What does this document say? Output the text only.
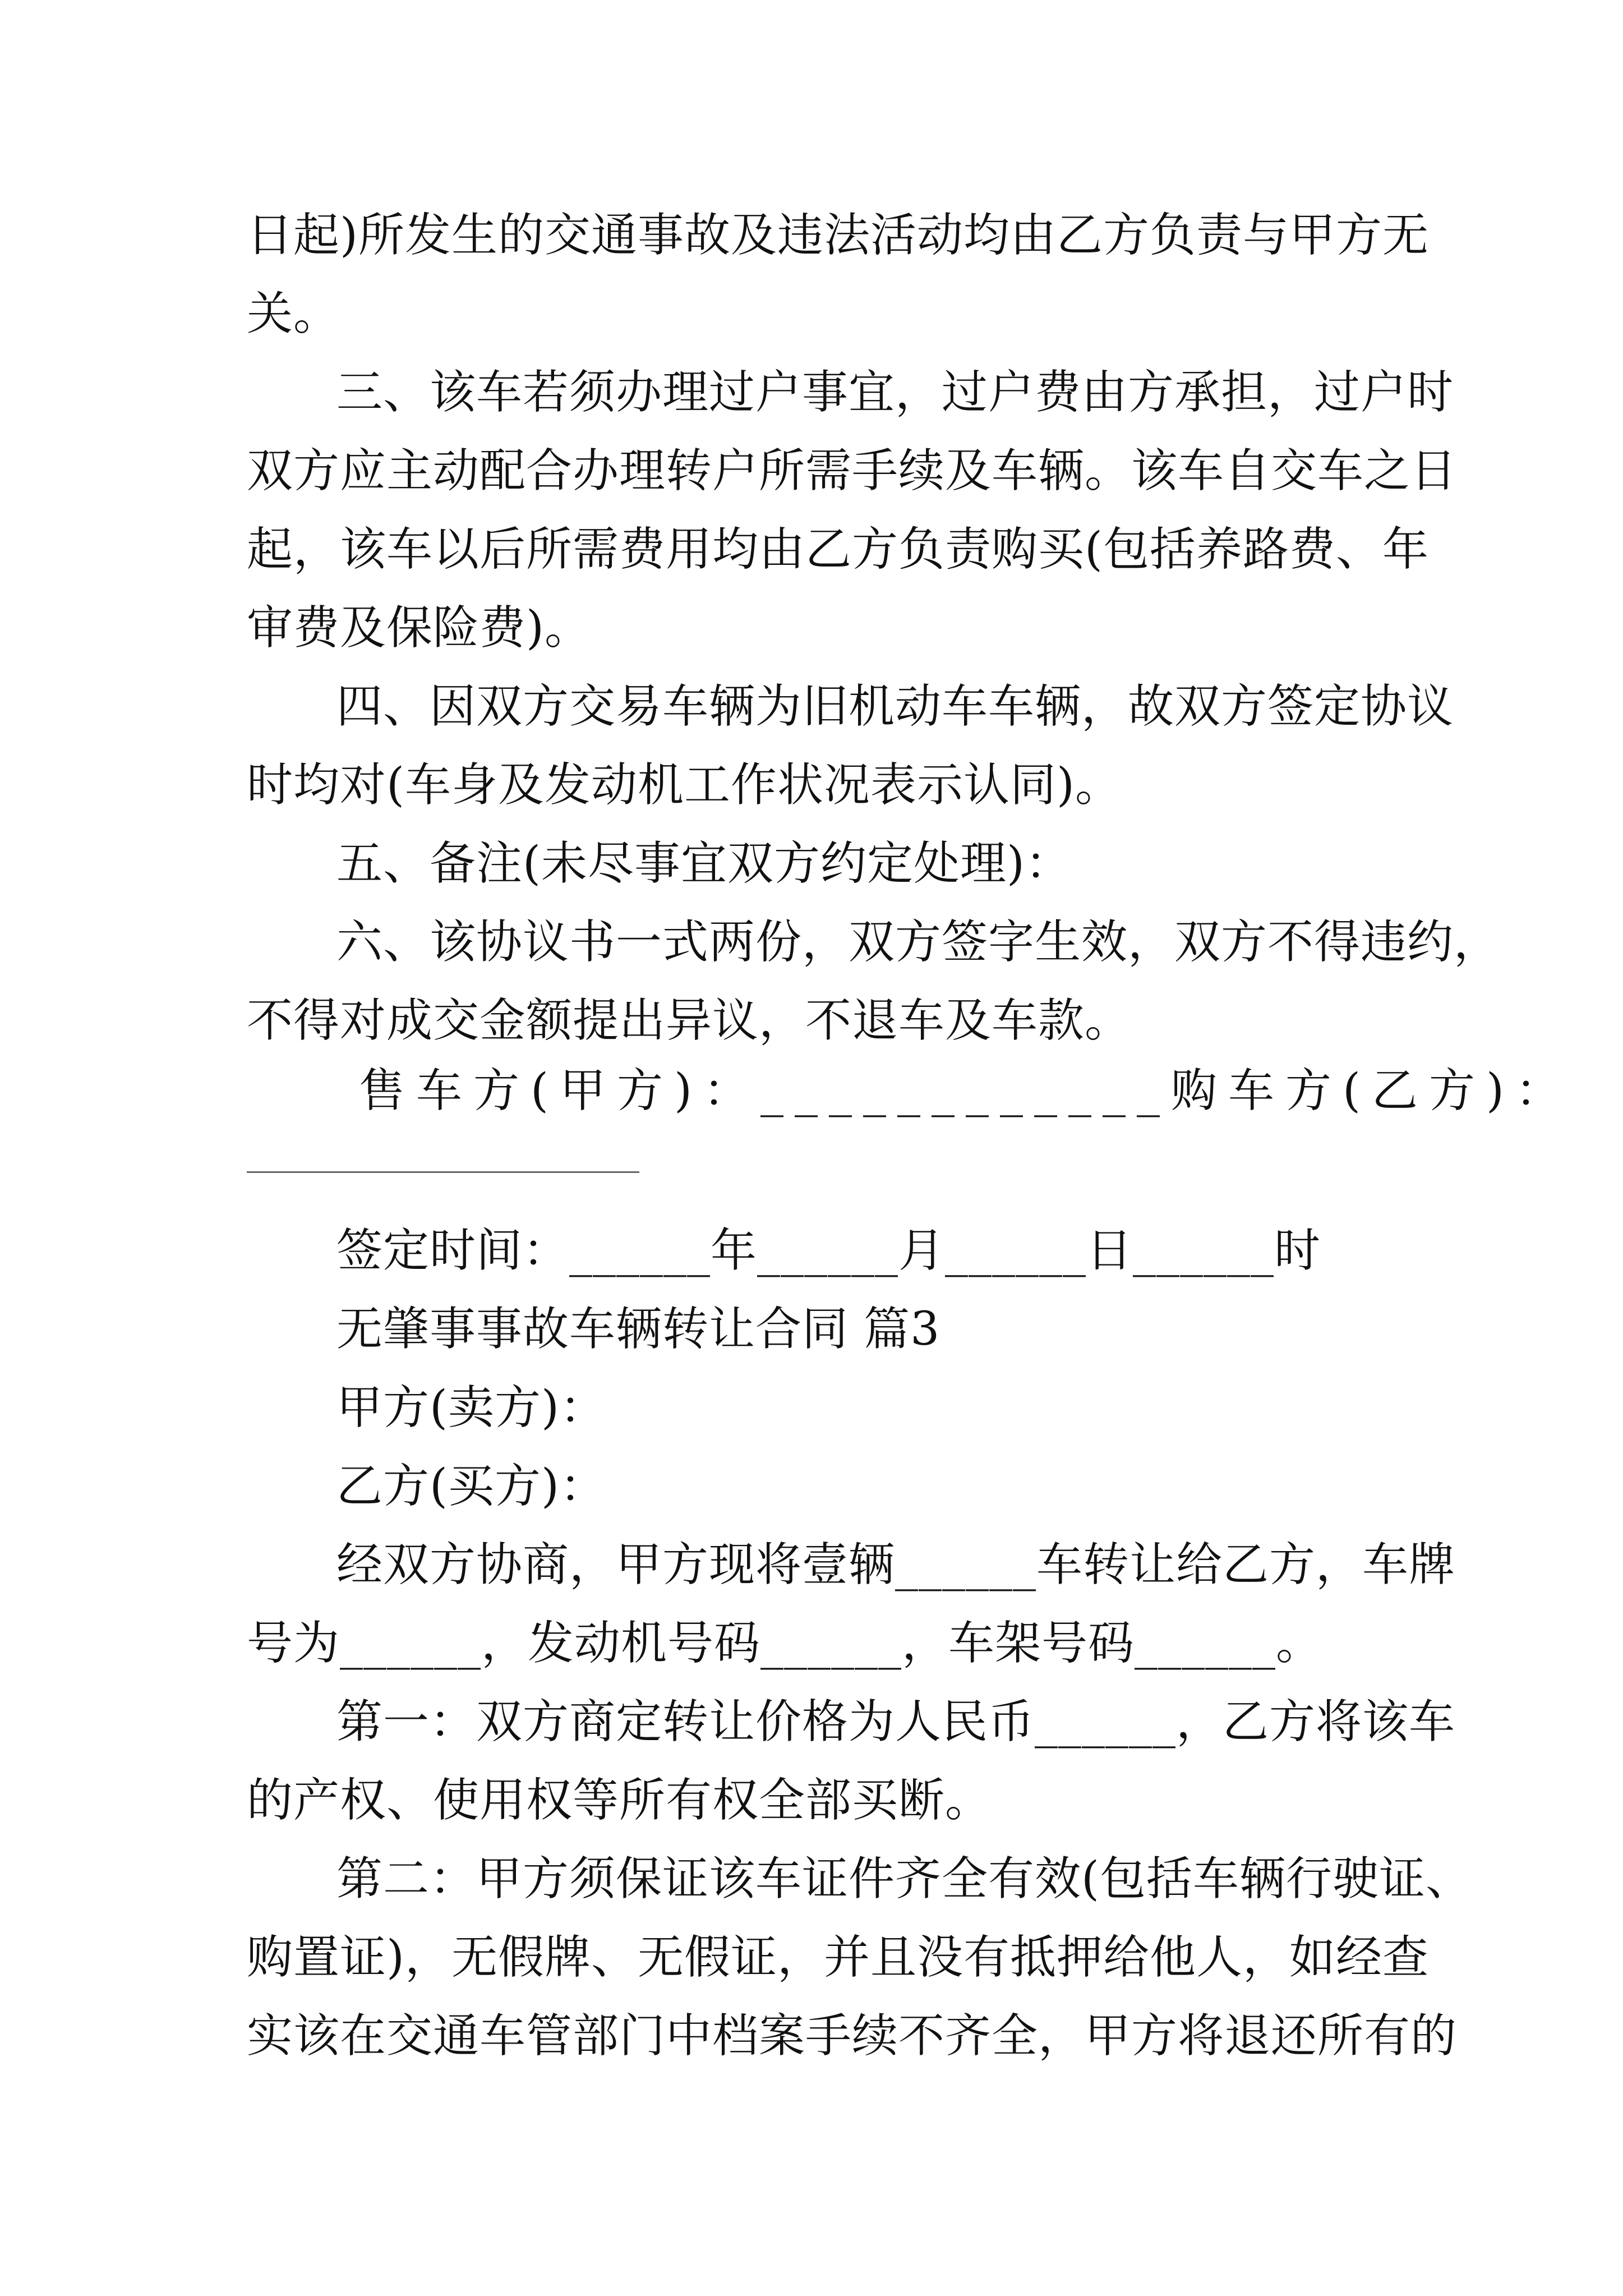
日起)所发生的交通事故及违法活动均由乙方负责与甲方无
关。
三、该车若须办理过户事宜，过户费由方承担，过户时
双方应主动配合办理转户所需手续及车辆。该车自交车之日
起，该车以后所需费用均由乙方负责购买(包括养路费、年
审费及保险费)。
四、因双方交易车辆为旧机动车车辆，故双方签定协议
时均对(车身及发动机工作状况表示认同)。
五、备注(未尽事宜双方约定处理)：
六、该协议书一式两份，双方签字生效，双方不得违约，
不得对成交金额提出异议，不退车及车款。
售车方(甲方)：____________购车方(乙方)：
签定时间：______年______月______日______时
无肇事事故车辆转让合同 篇3
甲方(卖方)：
乙方(买方)：
经双方协商，甲方现将壹辆______车转让给乙方，车牌
号为______，发动机号码______，车架号码______。
第一：双方商定转让价格为人民币______，乙方将该车
的产权、使用权等所有权全部买断。
第二：甲方须保证该车证件齐全有效(包括车辆行驶证、
购置证)，无假牌、无假证，并且没有抵押给他人，如经查
实该在交通车管部门中档案手续不齐全，甲方将退还所有的
